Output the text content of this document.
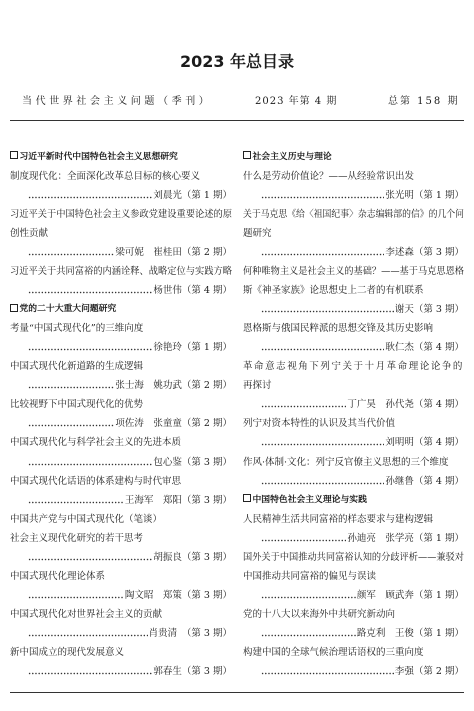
2023 年总目录
当代世界社会主义问题（季刊）	2023 年第 4 期	总第 158 期
习近平新时代中国特色社会主义思想研究
制度现代化：全面深化改革总目标的核心要义
刘晨光（第 1 期）
习近平关于中国特色社会主义参政党建设重要论述的原
创性贡献
梁可妮　崔桂田（第 2 期）
习近平关于共同富裕的内涵诠释、战略定位与实践方略
杨世伟（第 4 期）
党的二十大重大问题研究
考量“中国式现代化”的三维向度
徐艳玲（第 1 期）
中国式现代化新道路的生成逻辑
张士海　姚功武（第 2 期）
比较视野下中国式现代化的优势
项佐涛　张童童（第 2 期）
中国式现代化与科学社会主义的先进本质
包心鉴（第 3 期）
中国式现代化话语的体系建构与时代审思
王海军　郑阳（第 3 期）
中国共产党与中国式现代化（笔谈）
社会主义现代化研究的若干思考
胡振良（第 3 期）
中国式现代化理论体系
陶文昭　郑策（第 3 期）
中国式现代化对世界社会主义的贡献
肖贵清　（第 3 期）
新中国成立的现代发展意义
郭春生（第 3 期）
社会主义历史与理论
什么是劳动价值论？——从经验常识出发
张光明（第 1 期）
关于马克思《给〈祖国纪事〉杂志编辑部的信》的几个问
题研究
李述森（第 3 期）
何种唯物主义是社会主义的基础？——基于马克思恩格
斯《神圣家族》论思想史上二者的有机联系
谢天（第 3 期）
恩格斯与俄国民粹派的思想交锋及其历史影响
耿仁杰（第 4 期）
革命意志视角下列宁关于十月革命理论论争的
再探讨
丁广昊　孙代尧（第 4 期）
列宁对资本特性的认识及其当代价值
刘明明（第 4 期）
作风·体制·文化：列宁反官僚主义思想的三个维度
孙继鲁（第 4 期）
中国特色社会主义理论与实践
人民精神生活共同富裕的样态要求与建构逻辑
孙迪亮　张学亮（第 1 期）
国外关于中国推动共同富裕认知的分歧评析——兼驳对
中国推动共同富裕的偏见与误读
颜军　顾武奔（第 1 期）
党的十八大以来海外中共研究新动向
路克利　王俊（第 1 期）
构建中国的全球气候治理话语权的三重向度
李强（第 2 期）
